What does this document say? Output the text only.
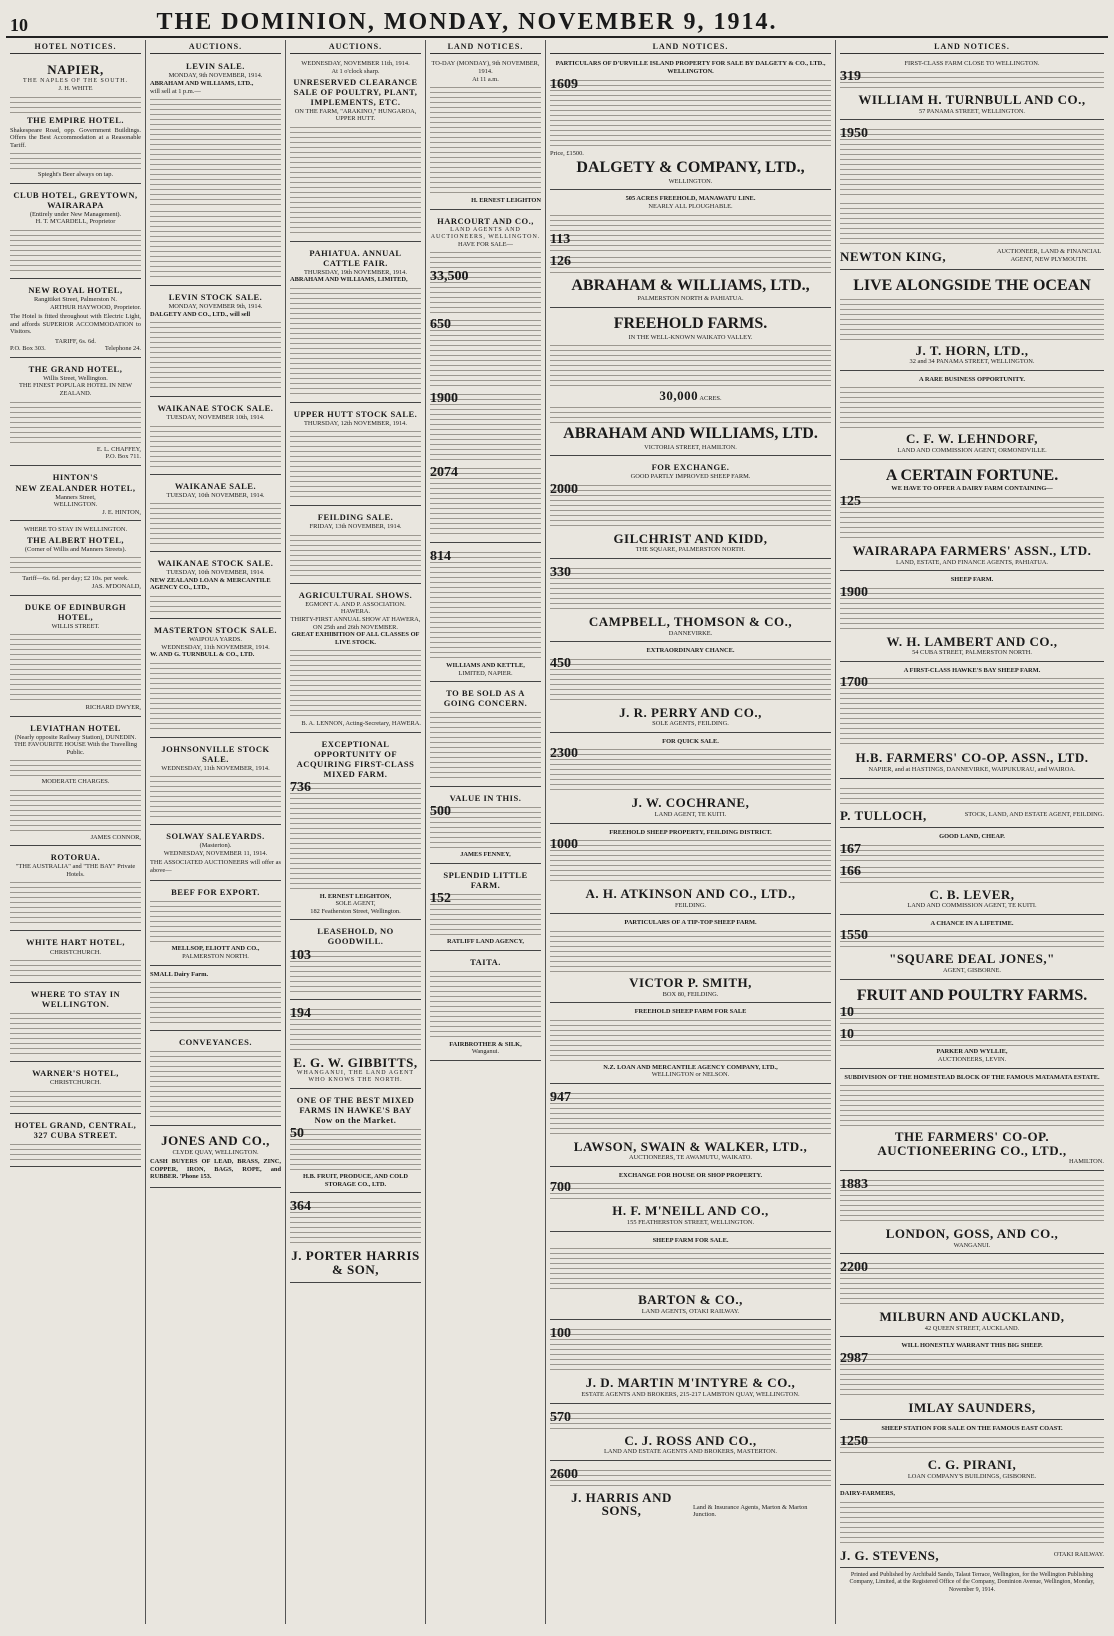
10	THE DOMINION, MONDAY, NOVEMBER 9, 1914.
HOTEL NOTICES.
NAPIER,
THE NAPLES OF THE SOUTH.
J. H. WHITE
THE EMPIRE HOTEL.
Shakespeare Road, opp. Government Buildings. Offers the Best Accommodation at a Reasonable Tariff.
Spieght's Beer always on tap.
CLUB HOTEL, GREYTOWN, WAIRARAPA
(Entirely under New Management).
H. T. M'CARDELL, Proprietor
NEW ROYAL HOTEL,
Rangitikei Street, Palmerston N.
ARTHUR HAYWOOD, Proprietor.
The Hotel is fitted throughout with Electric Light, and affords SUPERIOR ACCOMMODATION to Visitors.
TARIFF, 6s. 6d.
P.O. Box 303.	Telephone 24.
THE GRAND HOTEL,
Willis Street, Wellington.
THE FINEST POPULAR HOTEL IN NEW ZEALAND.
E. L. CHAFFEY,
P.O. Box 711.
HINTON'S
NEW ZEALANDER HOTEL,
Manners Street,
WELLINGTON.
J. E. HINTON,
WHERE TO STAY IN WELLINGTON.
THE ALBERT HOTEL,
(Corner of Willis and Manners Streets).
Tariff—6s. 6d. per day; £2 10s. per week.
JAS. M'DONALD,
DUKE OF EDINBURGH HOTEL,
WILLIS STREET.
RICHARD DWYER,
LEVIATHAN HOTEL
(Nearly opposite Railway Station), DUNEDIN.
THE FAVOURITE HOUSE With the Travelling Public.
MODERATE CHARGES.
JAMES CONNOR,
ROTORUA.
"THE AUSTRALIA" and "THE BAY" Private Hotels.
WHITE HART HOTEL,
CHRISTCHURCH.
WHERE TO STAY IN WELLINGTON.
WARNER'S HOTEL,
CHRISTCHURCH.
HOTEL GRAND, CENTRAL, 327 CUBA STREET.
AUCTIONS.
LEVIN SALE.
MONDAY, 9th NOVEMBER, 1914.
ABRAHAM AND WILLIAMS, LTD.,
will sell at 1 p.m.—
LEVIN STOCK SALE.
MONDAY, NOVEMBER 9th, 1914.
DALGETY AND CO., LTD., will sell
WAIKANAE STOCK SALE.
TUESDAY, NOVEMBER 10th, 1914.
WAIKANAE SALE.
TUESDAY, 10th NOVEMBER, 1914.
WAIKANAE STOCK SALE.
TUESDAY, 10th NOVEMBER, 1914.
NEW ZEALAND LOAN & MERCANTILE AGENCY CO., LTD.,
MASTERTON STOCK SALE.
WAIPOUA YARDS.
WEDNESDAY, 11th NOVEMBER, 1914.
W. AND G. TURNBULL & CO., LTD.
JOHNSONVILLE STOCK SALE.
WEDNESDAY, 11th NOVEMBER, 1914.
SOLWAY SALEYARDS.
(Masterton).
WEDNESDAY, NOVEMBER 11, 1914.
THE ASSOCIATED AUCTIONEERS will offer as above—
BEEF FOR EXPORT.
MELLSOP, ELIOTT AND CO.,
PALMERSTON NORTH.
SMALL Dairy Farm.
CONVEYANCES.
JONES AND CO.,
CLYDE QUAY, WELLINGTON.
CASH BUYERS OF LEAD, BRASS, ZINC, COPPER, IRON, BAGS, ROPE, and RUBBER. 'Phone 153.
AUCTIONS.
WEDNESDAY, NOVEMBER 11th, 1914.
At 1 o'clock sharp.
UNRESERVED CLEARANCE SALE OF POULTRY, PLANT, IMPLEMENTS, ETC.
ON THE FARM, "ARAKINO," HUNGAROA, UPPER HUTT.
PAHIATUA. ANNUAL CATTLE FAIR.
THURSDAY, 19th NOVEMBER, 1914.
ABRAHAM AND WILLIAMS, LIMITED,
UPPER HUTT STOCK SALE.
THURSDAY, 12th NOVEMBER, 1914.
FEILDING SALE.
FRIDAY, 13th NOVEMBER, 1914.
AGRICULTURAL SHOWS.
EGMONT A. AND P. ASSOCIATION. HAWERA.
THIRTY-FIRST ANNUAL SHOW AT HAWERA, ON 25th and 26th NOVEMBER.
GREAT EXHIBITION OF ALL CLASSES OF LIVE STOCK.
B. A. LENNON, Acting-Secretary, HAWERA.
EXCEPTIONAL OPPORTUNITY OF ACQUIRING FIRST-CLASS MIXED FARM.
736
H. ERNEST LEIGHTON,
SOLE AGENT,
182 Featherston Street, Wellington.
LEASEHOLD, NO GOODWILL.
103
194
E. G. W. GIBBITTS,
WHANGANUI, THE LAND AGENT WHO KNOWS THE NORTH.
ONE OF THE BEST MIXED FARMS IN HAWKE'S BAY Now on the Market.
50
H.B. FRUIT, PRODUCE, AND COLD STORAGE CO., LTD.
364
J. PORTER HARRIS & SON,
LAND NOTICES.
TO-DAY (MONDAY), 9th NOVEMBER, 1914.
At 11 a.m.
H. ERNEST LEIGHTON
HARCOURT AND CO.,
LAND AGENTS AND AUCTIONEERS, WELLINGTON.
HAVE FOR SALE—
33,500
650
1900
2074
814
WILLIAMS AND KETTLE,
LIMITED, NAPIER.
TO BE SOLD AS A GOING CONCERN.
VALUE IN THIS.
500
JAMES FENNEY,
SPLENDID LITTLE FARM.
152
RATLIFF LAND AGENCY,
TAITA.
FAIRBROTHER & SILK,
Wanganui.
LAND NOTICES.
PARTICULARS OF D'URVILLE ISLAND PROPERTY FOR SALE BY DALGETY & CO., LTD., WELLINGTON.
1609
Price, £1500.
DALGETY & COMPANY, LTD.,
WELLINGTON.
505 ACRES FREEHOLD, MANAWATU LINE.
NEARLY ALL PLOUGHABLE.
113
126
ABRAHAM & WILLIAMS, LTD.,
PALMERSTON NORTH & PAHIATUA.
FREEHOLD FARMS.
IN THE WELL-KNOWN WAIKATO VALLEY.
30,000 ACRES.
ABRAHAM AND WILLIAMS, LTD.
VICTORIA STREET, HAMILTON.
FOR EXCHANGE.
GOOD PARTLY IMPROVED SHEEP FARM.
2000
GILCHRIST AND KIDD,
THE SQUARE, PALMERSTON NORTH.
330
CAMPBELL, THOMSON & CO.,
DANNEVIRKE.
EXTRAORDINARY CHANCE.
450
J. R. PERRY AND CO.,
SOLE AGENTS, FEILDING.
FOR QUICK SALE.
2300
J. W. COCHRANE,
LAND AGENT, TE KUITI.
FREEHOLD SHEEP PROPERTY, FEILDING DISTRICT.
1000
A. H. ATKINSON AND CO., LTD.,
FEILDING.
PARTICULARS OF A TIP-TOP SHEEP FARM.
VICTOR P. SMITH,
BOX 80, FEILDING.
FREEHOLD SHEEP FARM FOR SALE
N.Z. LOAN AND MERCANTILE AGENCY COMPANY, LTD.,
WELLINGTON or NELSON.
947
LAWSON, SWAIN & WALKER, LTD.,
AUCTIONEERS, TE AWAMUTU, WAIKATO.
EXCHANGE FOR HOUSE OR SHOP PROPERTY.
700
H. F. M'NEILL AND CO.,
155 FEATHERSTON STREET, WELLINGTON.
SHEEP FARM FOR SALE.
BARTON & CO.,
LAND AGENTS, OTAKI RAILWAY.
100
J. D. MARTIN M'INTYRE & CO.,
ESTATE AGENTS AND BROKERS, 215-217 LAMBTON QUAY, WELLINGTON.
570
C. J. ROSS AND CO.,
LAND AND ESTATE AGENTS AND BROKERS, MASTERTON.
2600
J. HARRIS AND SONS,	Land & Insurance Agents, Marton & Marton Junction.
LAND NOTICES.
FIRST-CLASS FARM CLOSE TO WELLINGTON.
319
WILLIAM H. TURNBULL AND CO.,
57 PANAMA STREET, WELLINGTON.
1950
NEWTON KING,	AUCTIONEER, LAND & FINANCIAL AGENT, NEW PLYMOUTH.
LIVE ALONGSIDE THE OCEAN
J. T. HORN, LTD.,
32 and 34 PANAMA STREET, WELLINGTON.
A RARE BUSINESS OPPORTUNITY.
C. F. W. LEHNDORF,
LAND AND COMMISSION AGENT, ORMONDVILLE.
A CERTAIN FORTUNE.
WE HAVE TO OFFER A DAIRY FARM CONTAINING—
125
WAIRARAPA FARMERS' ASSN., LTD.
LAND, ESTATE, AND FINANCE AGENTS, PAHIATUA.
SHEEP FARM.
1900
W. H. LAMBERT AND CO.,
54 CUBA STREET, PALMERSTON NORTH.
A FIRST-CLASS HAWKE'S BAY SHEEP FARM.
1700
H.B. FARMERS' CO-OP. ASSN., LTD.
NAPIER, and at HASTINGS, DANNEVIRKE, WAIPUKURAU, and WAIROA.
P. TULLOCH,	STOCK, LAND, AND ESTATE AGENT, FEILDING.
GOOD LAND, CHEAP.
167
166
C. B. LEVER,
LAND AND COMMISSION AGENT, TE KUITI.
A CHANCE IN A LIFETIME.
1550
"SQUARE DEAL JONES,"
AGENT, GISBORNE.
FRUIT AND POULTRY FARMS.
10
10
PARKER AND WYLLIE,
AUCTIONEERS, LEVIN.
SUBDIVISION OF THE HOMESTEAD BLOCK OF THE FAMOUS MATAMATA ESTATE.
THE FARMERS' CO-OP. AUCTIONEERING CO., LTD.,
HAMILTON.
1883
LONDON, GOSS, AND CO.,
WANGANUI.
2200
MILBURN AND AUCKLAND,
42 QUEEN STREET, AUCKLAND.
WILL HONESTLY WARRANT THIS BIG SHEEP.
2987
IMLAY SAUNDERS,
SHEEP STATION FOR SALE ON THE FAMOUS EAST COAST.
1250
C. G. PIRANI,
LOAN COMPANY'S BUILDINGS, GISBORNE.
DAIRY-FARMERS,
J. G. STEVENS,	OTAKI RAILWAY.
Printed and Published by Archibald Sando, Talaut Terrace, Wellington, for the Wellington Publishing Company, Limited, at the Registered Office of the Company, Dominion Avenue, Wellington, Monday, November 9, 1914.
